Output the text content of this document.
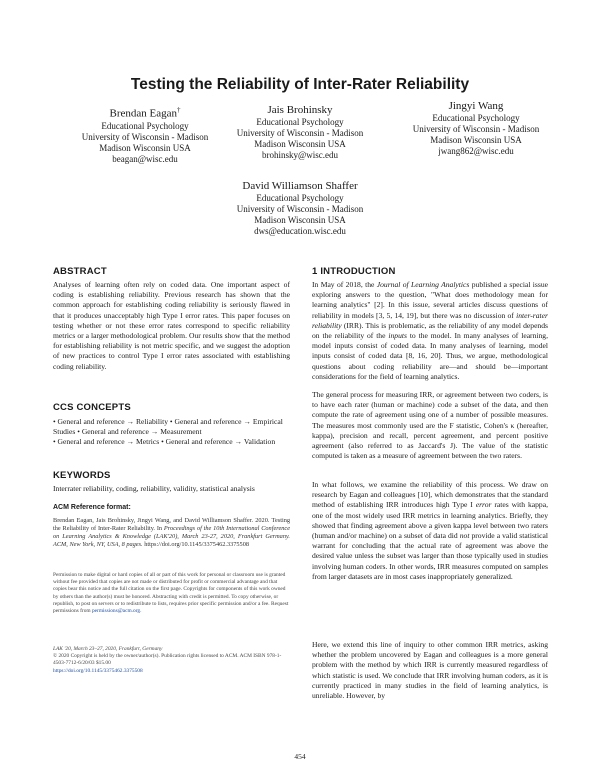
Testing the Reliability of Inter-Rater Reliability
Brendan Eagan†
Educational Psychology
University of Wisconsin - Madison
Madison Wisconsin USA
beagan@wisc.edu
Jais Brohinsky
Educational Psychology
University of Wisconsin - Madison
Madison Wisconsin USA
brohinsky@wisc.edu
Jingyi Wang
Educational Psychology
University of Wisconsin - Madison
Madison Wisconsin USA
jwang862@wisc.edu
David Williamson Shaffer
Educational Psychology
University of Wisconsin - Madison
Madison Wisconsin USA
dws@education.wisc.edu
ABSTRACT
Analyses of learning often rely on coded data. One important aspect of coding is establishing reliability. Previous research has shown that the common approach for establishing coding reliability is seriously flawed in that it produces unacceptably high Type I error rates. This paper focuses on testing whether or not these error rates correspond to specific reliability metrics or a larger methodological problem. Our results show that the method for establishing reliability is not metric specific, and we suggest the adoption of new practices to control Type I error rates associated with establishing coding reliability.
CCS CONCEPTS
• General and reference → Reliability • General and reference → Empirical Studies • General and reference → Measurement
• General and reference → Metrics • General and reference → Validation
KEYWORDS
Interrater reliability, coding, reliability, validity, statistical analysis
ACM Reference format:
Brendan Eagan, Jais Brohinsky, Jingyi Wang, and David Williamson Shaffer. 2020. Testing the Reliability of Inter-Rater Reliability. In Proceedings of the 10th International Conference on Learning Analytics & Knowledge (LAK'20), March 23-27, 2020, Frankfurt Germany. ACM, New York, NY, USA, 8 pages. https://doi.org/10.1145/3375462.3375508
Permission to make digital or hard copies of all or part of this work for personal or classroom use is granted without fee provided that copies are not made or distributed for profit or commercial advantage and that copies bear this notice and the full citation on the first page. Copyrights for components of this work owned by others than the author(s) must be honored. Abstracting with credit is permitted. To copy otherwise, or republish, to post on servers or to redistribute to lists, requires prior specific permission and/or a fee. Request permissions from permissions@acm.org.
LAK '20, March 23–27, 2020, Frankfurt, Germany
© 2020 Copyright is held by the owner/author(s). Publication rights licensed to ACM. ACM ISBN 978-1-4503-7712-6/20/03 $15.00
https://doi.org/10.1145/3375462.3375508
1 INTRODUCTION
In May of 2018, the Journal of Learning Analytics published a special issue exploring answers to the question, "What does methodology mean for learning analytics" [2]. In this issue, several articles discuss questions of reliability in models [3, 5, 14, 19], but there was no discussion of inter-rater reliability (IRR). This is problematic, as the reliability of any model depends on the reliability of the inputs to the model. In many analyses of learning, model inputs consist of coded data. In many analyses of learning, model inputs consist of coded data [8, 16, 20]. Thus, we argue, methodological questions about coding reliability are—and should be—important considerations for the field of learning analytics.
The general process for measuring IRR, or agreement between two coders, is to have each rater (human or machine) code a subset of the data, and then compute the rate of agreement using one of a number of possible measures. The measures most commonly used are the F statistic, Cohen's κ (hereafter, kappa), precision and recall, percent agreement, and percent positive agreement (also referred to as Jaccard's J). The value of the statistic computed is taken as a measure of agreement between the two raters.
In what follows, we examine the reliability of this process. We draw on research by Eagan and colleagues [10], which demonstrates that the standard method of establishing IRR introduces high Type I error rates with kappa, one of the most widely used IRR metrics in learning analytics. Briefly, they showed that finding agreement above a given kappa level between two raters (human and/or machine) on a subset of data did not provide a valid statistical warrant for concluding that the actual rate of agreement was above the desired value unless the subset was larger than those typically used in studies involving human coders. In other words, IRR measures computed on samples from larger datasets are in most cases inappropriately generalized.
Here, we extend this line of inquiry to other common IRR metrics, asking whether the problem uncovered by Eagan and colleagues is a more general problem with the method by which IRR is currently measured regardless of which statistic is used. We conclude that IRR involving human coders, as it is currently practiced in many studies in the field of learning analytics, is unreliable. However, by
454
